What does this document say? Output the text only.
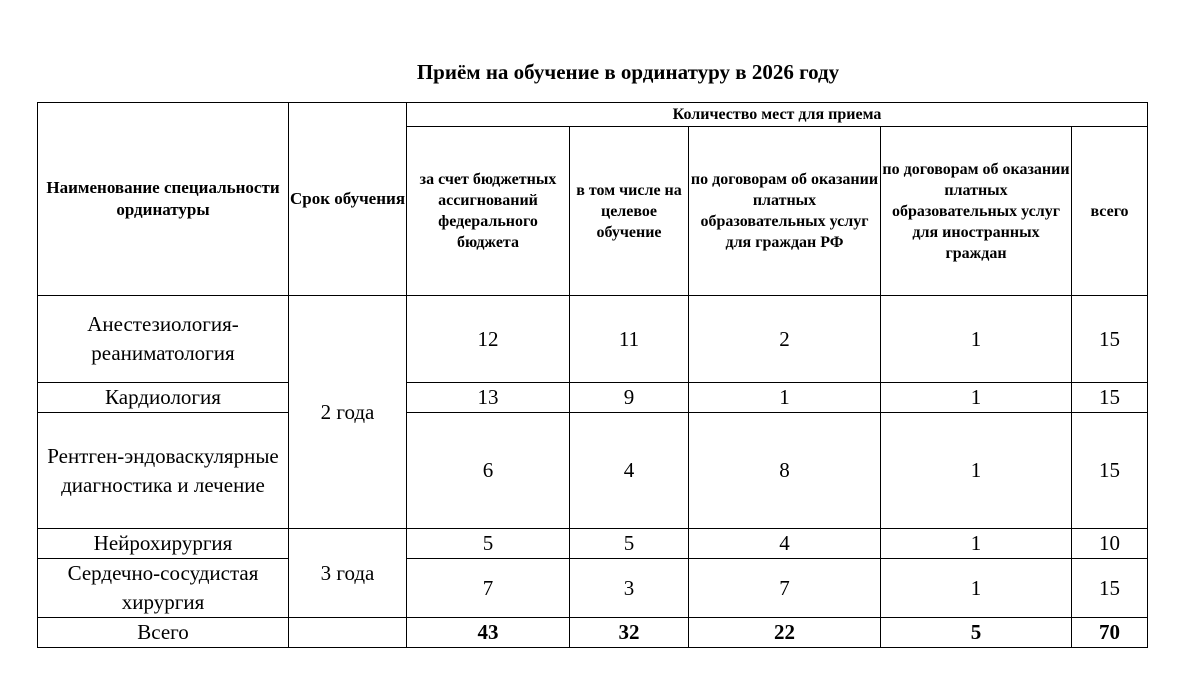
Приём на обучение в ординатуру в 2026 году
Наименование специальности ординатуры	Срок обучения	Количество мест для приема				
		за счет бюджетных ассигнований федерального бюджета	в том числе на целевое обучение	по договорам об оказании платных образовательных услуг для граждан РФ	по договорам об оказании платных образовательных услуг для иностранных граждан	всего
Анестезиология-реаниматология	2 года	12	11	2	1	15
Кардиология		13	9	1	1	15
Рентген-эндоваскулярные диагностика и лечение		6	4	8	1	15
Нейрохирургия	3 года	5	5	4	1	10
Сердечно-сосудистая хирургия		7	3	7	1	15
Всего		43	32	22	5	70
